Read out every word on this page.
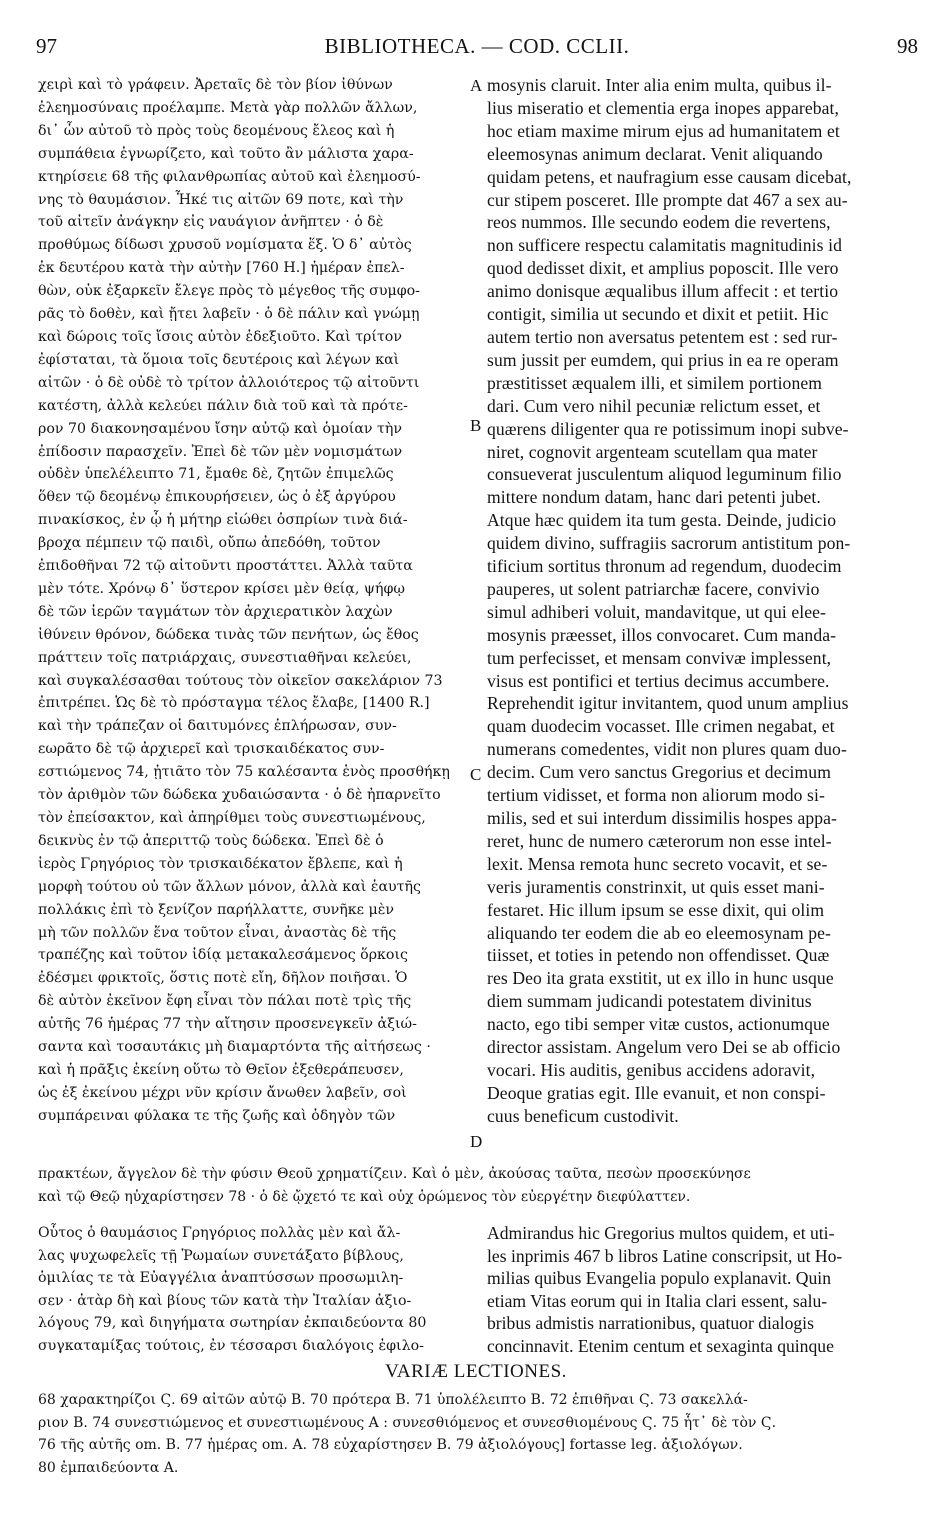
97	BIBLIOTHECA. — COD. CCLII.	98
χειρὶ καὶ τὸ γράφειν. Ἀρεταῖς δὲ τὸν βίον ἰθύνων
ἐλεημοσύναις προέλαμπε. Μετὰ γὰρ πολλῶν ἄλλων,
δι᾽ ὧν αὐτοῦ τὸ πρὸς τοὺς δεομένους ἔλεος καὶ ἡ
συμπάθεια ἐγνωρίζετο, καὶ τοῦτο ἂν μάλιστα χαρα-
κτηρίσειε 68 τῆς φιλανθρωπίας αὐτοῦ καὶ ἐλεημοσύ-
νης τὸ θαυμάσιον. Ἧκέ τις αἰτῶν 69 ποτε, καὶ τὴν
τοῦ αἰτεῖν ἀνάγκην εἰς ναυάγιον ἀνῆπτεν · ὁ δὲ
προθύμως δίδωσι χρυσοῦ νομίσματα ἕξ. Ὁ δ᾽ αὐτὸς
ἐκ δευτέρου κατὰ τὴν αὐτὴν [760 H.] ἡμέραν ἐπελ-
θὼν, οὐκ ἐξαρκεῖν ἔλεγε πρὸς τὸ μέγεθος τῆς συμφο-
ρᾶς τὸ δοθὲν, καὶ ᾔτει λαβεῖν · ὁ δὲ πάλιν καὶ γνώμῃ
καὶ δώροις τοῖς ἴσοις αὐτὸν ἐδεξιοῦτο. Καὶ τρίτον
ἐφίσταται, τὰ ὅμοια τοῖς δευτέροις καὶ λέγων καὶ
αἰτῶν · ὁ δὲ οὐδὲ τὸ τρίτον ἀλλοιότερος τῷ αἰτοῦντι
κατέστη, ἀλλὰ κελεύει πάλιν διὰ τοῦ καὶ τὰ πρότε-
ρον 70 διακονησαμένου ἴσην αὐτῷ καὶ ὁμοίαν τὴν
ἐπίδοσιν παρασχεῖν. Ἐπεὶ δὲ τῶν μὲν νομισμάτων
οὐδὲν ὑπελέλειπτο 71, ἔμαθε δὲ, ζητῶν ἐπιμελῶς
ὅθεν τῷ δεομένῳ ἐπικουρήσειεν, ὡς ὁ ἐξ ἀργύρου
πινακίσκος, ἐν ᾧ ἡ μήτηρ εἰώθει ὀσπρίων τινὰ διά-
βροχα πέμπειν τῷ παιδὶ, οὔπω ἀπεδόθη, τοῦτον
ἐπιδοθῆναι 72 τῷ αἰτοῦντι προστάττει. Ἀλλὰ ταῦτα
μὲν τότε. Χρόνῳ δ᾽ ὕστερον κρίσει μὲν θείᾳ, ψήφῳ
δὲ τῶν ἱερῶν ταγμάτων τὸν ἀρχιερατικὸν λαχὼν
ἰθύνειν θρόνον, δώδεκα τινὰς τῶν πενήτων, ὡς ἔθος
πράττειν τοῖς πατριάρχαις, συνεστιαθῆναι κελεύει,
καὶ συγκαλέσασθαι τούτους τὸν οἰκεῖον σακελάριον 73
ἐπιτρέπει. Ὡς δὲ τὸ πρόσταγμα τέλος ἔλαβε, [1400 R.]
καὶ τὴν τράπεζαν οἱ δαιτυμόνες ἐπλήρωσαν, συν-
εωρᾶτο δὲ τῷ ἀρχιερεῖ καὶ τρισκαιδέκατος συν-
εστιώμενος 74, ᾐτιᾶτο τὸν 75 καλέσαντα ἑνὸς προσθήκῃ
τὸν ἀριθμὸν τῶν δώδεκα χυδαιώσαντα · ὁ δὲ ἠπαρνεῖτο
τὸν ἐπείσακτον, καὶ ἀπηρίθμει τοὺς συνεστιωμένους,
δεικνὺς ἐν τῷ ἀπεριττῷ τοὺς δώδεκα. Ἐπεὶ δὲ ὁ
ἱερὸς Γρηγόριος τὸν τρισκαιδέκατον ἔβλεπε, καὶ ἡ
μορφὴ τούτου οὐ τῶν ἄλλων μόνον, ἀλλὰ καὶ ἑαυτῆς
πολλάκις ἐπὶ τὸ ξενίζον παρήλλαττε, συνῆκε μὲν
μὴ τῶν πολλῶν ἕνα τοῦτον εἶναι, ἀναστὰς δὲ τῆς
τραπέζης καὶ τοῦτον ἰδίᾳ μετακαλεσάμενος ὅρκοις
ἐδέσμει φρικτοῖς, ὅστις ποτὲ εἴη, δῆλον ποιῆσαι. Ὁ
δὲ αὐτὸν ἐκεῖνον ἔφη εἶναι τὸν πάλαι ποτὲ τρὶς τῆς
αὐτῆς 76 ἡμέρας 77 τὴν αἴτησιν προσενεγκεῖν ἀξιώ-
σαντα καὶ τοσαυτάκις μὴ διαμαρτόντα τῆς αἰτήσεως ·
καὶ ἡ πρᾶξις ἐκείνη οὕτω τὸ Θεῖον ἐξεθεράπευσεν,
ὡς ἐξ ἐκείνου μέχρι νῦν κρίσιν ἄνωθεν λαβεῖν, σοὶ
συμπάρειναι φύλακα τε τῆς ζωῆς καὶ ὁδηγὸν τῶν
mosynis claruit. Inter alia enim multa, quibus il-
lius miseratio et clementia erga inopes apparebat,
hoc etiam maxime mirum ejus ad humanitatem et
eleemosynas animum declarat. Venit aliquando
quidam petens, et naufragium esse causam dicebat,
cur stipem posceret. Ille prompte dat 467 a sex au-
reos nummos. Ille secundo eodem die revertens,
non sufficere respectu calamitatis magnitudinis id
quod dedisset dixit, et amplius poposcit. Ille vero
animo donisque æqualibus illum affecit : et tertio
contigit, similia ut secundo et dixit et petiit. Hic
autem tertio non aversatus petentem est : sed rur-
sum jussit per eumdem, qui prius in ea re operam
præstitisset æqualem illi, et similem portionem
dari. Cum vero nihil pecuniæ relictum esset, et
quærens diligenter qua re potissimum inopi subve-
niret, cognovit argenteam scutellam qua mater
consueverat jusculentum aliquod leguminum filio
mittere nondum datam, hanc dari petenti jubet.
Atque hæc quidem ita tum gesta. Deinde, judicio
quidem divino, suffragiis sacrorum antistitum pon-
tificium sortitus thronum ad regendum, duodecim
pauperes, ut solent patriarchæ facere, convivio
simul adhiberi voluit, mandavitque, ut qui elee-
mosynis præesset, illos convocaret. Cum manda-
tum perfecisset, et mensam convivæ implessent,
visus est pontifici et tertius decimus accumbere.
Reprehendit igitur invitantem, quod unum amplius
quam duodecim vocasset. Ille crimen negabat, et
numerans comedentes, vidit non plures quam duo-
decim. Cum vero sanctus Gregorius et decimum
tertium vidisset, et forma non aliorum modo si-
milis, sed et sui interdum dissimilis hospes appa-
reret, hunc de numero cæterorum non esse intel-
lexit. Mensa remota hunc secreto vocavit, et se-
veris juramentis constrinxit, ut quis esset mani-
festaret. Hic illum ipsum se esse dixit, qui olim
aliquando ter eodem die ab eo eleemosynam pe-
tiisset, et toties in petendo non offendisset. Quæ
res Deo ita grata exstitit, ut ex illo in hunc usque
diem summam judicandi potestatem divinitus
nacto, ego tibi semper vitæ custos, actionumque
director assistam. Angelum vero Dei se ab officio
vocari. His auditis, genibus accidens adoravit,
Deoque gratias egit. Ille evanuit, et non conspi-
cuus beneficum custodivit.
πρακτέων, ἄγγελον δὲ τὴν φύσιν Θεοῦ χρηματίζειν. Καὶ ὁ μὲν, ἀκούσας ταῦτα, πεσὼν προσεκύνησε
καὶ τῷ Θεῷ ηὐχαρίστησεν 78 · ὁ δὲ ᾤχετό τε καὶ οὐχ ὁρώμενος τὸν εὐεργέτην διεφύλαττεν.
Οὗτος ὁ θαυμάσιος Γρηγόριος πολλὰς μὲν καὶ ἄλ-
λας ψυχωφελεῖς τῇ Ῥωμαίων συνετάξατο βίβλους,
ὁμιλίας τε τὰ Εὐαγγέλια ἀναπτύσσων προσωμιλη-
σεν · ἀτὰρ δὴ καὶ βίους τῶν κατὰ τὴν Ἰταλίαν ἀξιο-
λόγους 79, καὶ διηγήματα σωτηρίαν ἐκπαιδεύοντα 80
συγκαταμίξας τούτοις, ἐν τέσσαρσι διαλόγοις ἐφιλο-
Admirandus hic Gregorius multos quidem, et uti-
les inprimis 467 b libros Latine conscripsit, ut Ho-
milias quibus Evangelia populo explanavit. Quin
etiam Vitas eorum qui in Italia clari essent, salu-
bribus admistis narrationibus, quatuor dialogis
concinnavit. Etenim centum et sexaginta quinque
A
B
C
D
VARIÆ LECTIONES.
68 χαρακτηρίζοι Ϛ. 69 αἰτῶν αὐτῷ B. 70 πρότερα B. 71 ὑπολέλειπτο B. 72 ἐπιθῆναι Ϛ. 73 σακελλά-
ριον B. 74 συνεστιώμενος et συνεστιωμένους A : συνεσθιόμενος et συνεσθιομένους Ϛ. 75 ἧτ᾽ δὲ τὸν Ϛ.
76 τῆς αὐτῆς om. B. 77 ἡμέρας om. A. 78 εὐχαρίστησεν B. 79 ἀξιολόγους] fortasse leg. ἀξιολόγων.
80 ἐμπαιδεύοντα A.
